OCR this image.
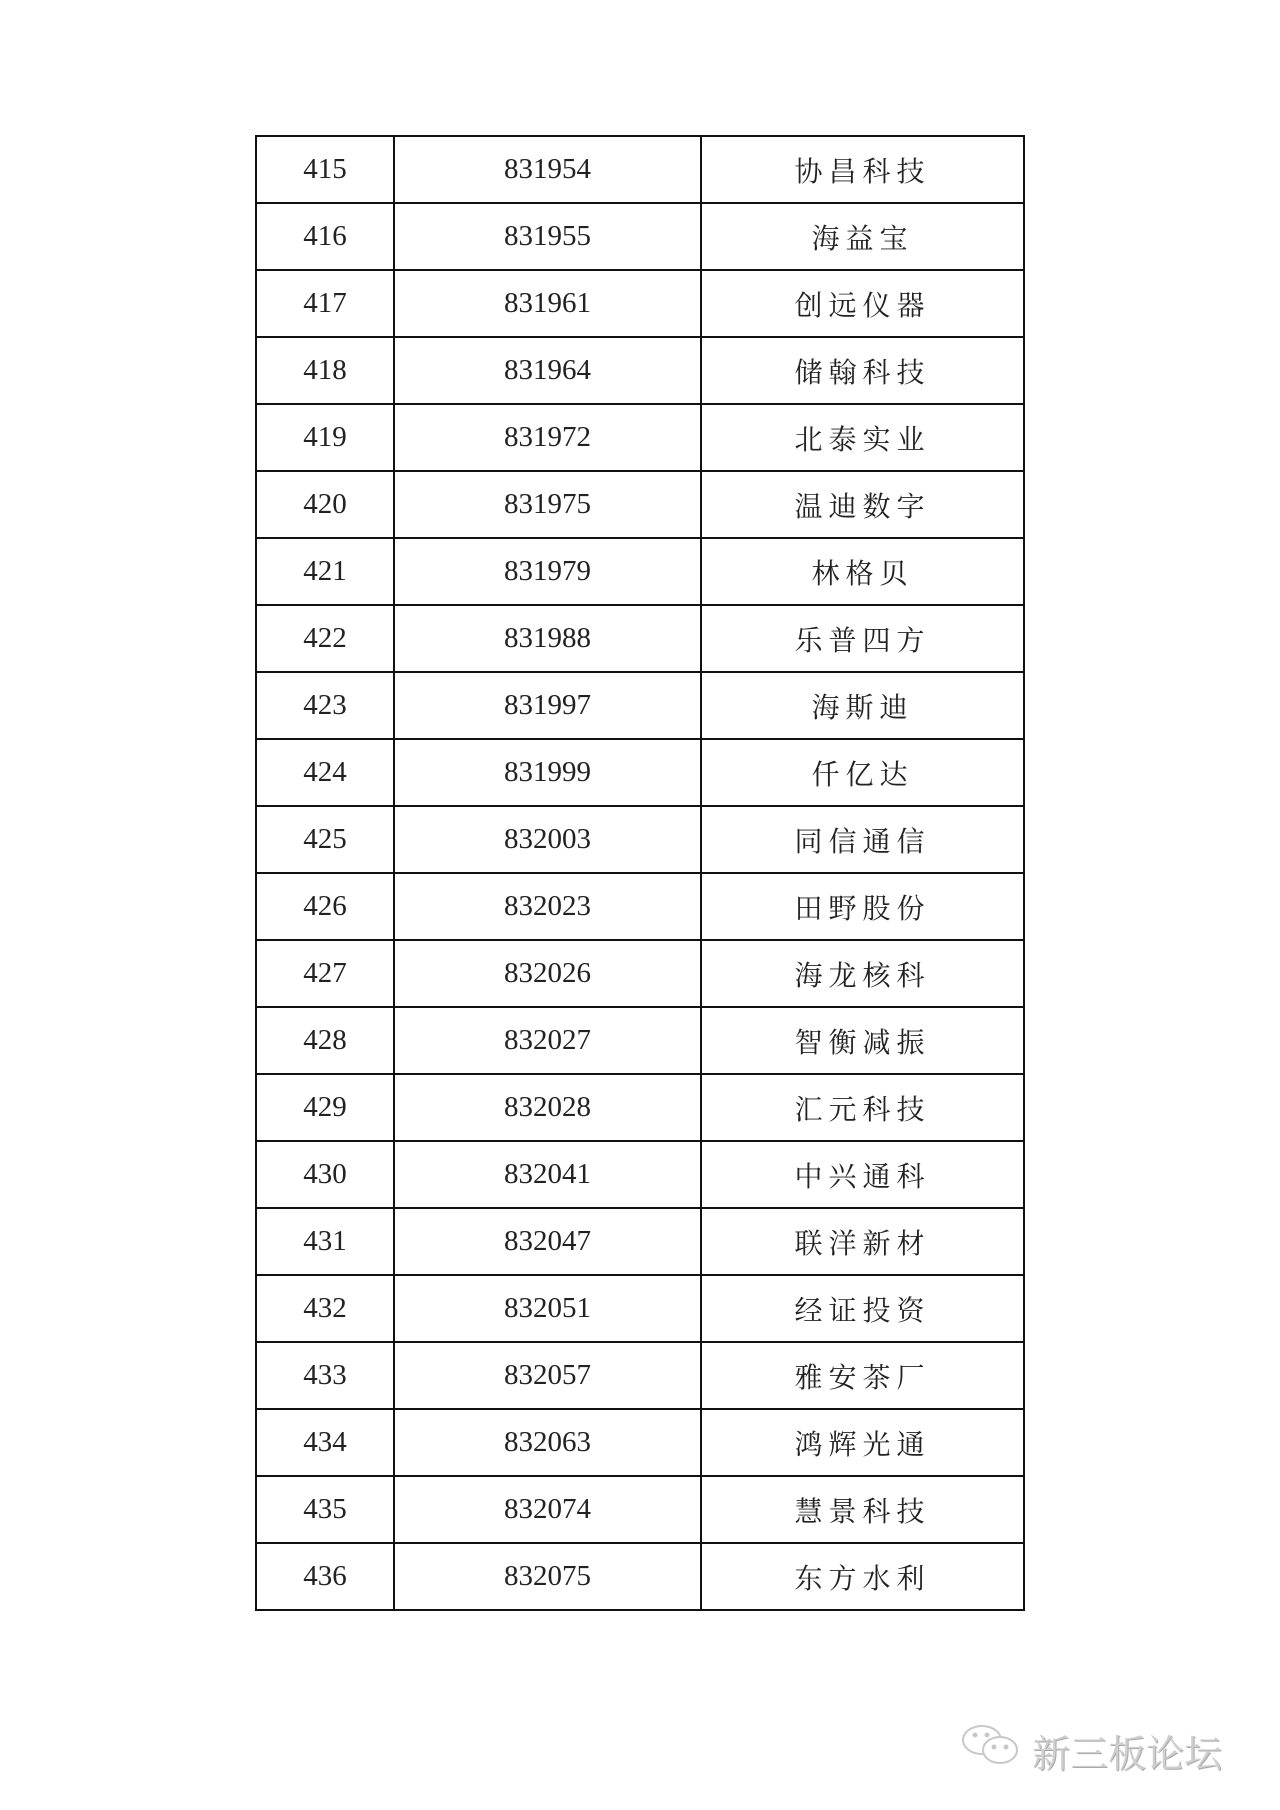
415	831954	协昌科技
416	831955	海益宝
417	831961	创远仪器
418	831964	储翰科技
419	831972	北泰实业
420	831975	温迪数字
421	831979	林格贝
422	831988	乐普四方
423	831997	海斯迪
424	831999	仟亿达
425	832003	同信通信
426	832023	田野股份
427	832026	海龙核科
428	832027	智衡减振
429	832028	汇元科技
430	832041	中兴通科
431	832047	联洋新材
432	832051	经证投资
433	832057	雅安茶厂
434	832063	鸿辉光通
435	832074	慧景科技
436	832075	东方水利
新三板论坛
